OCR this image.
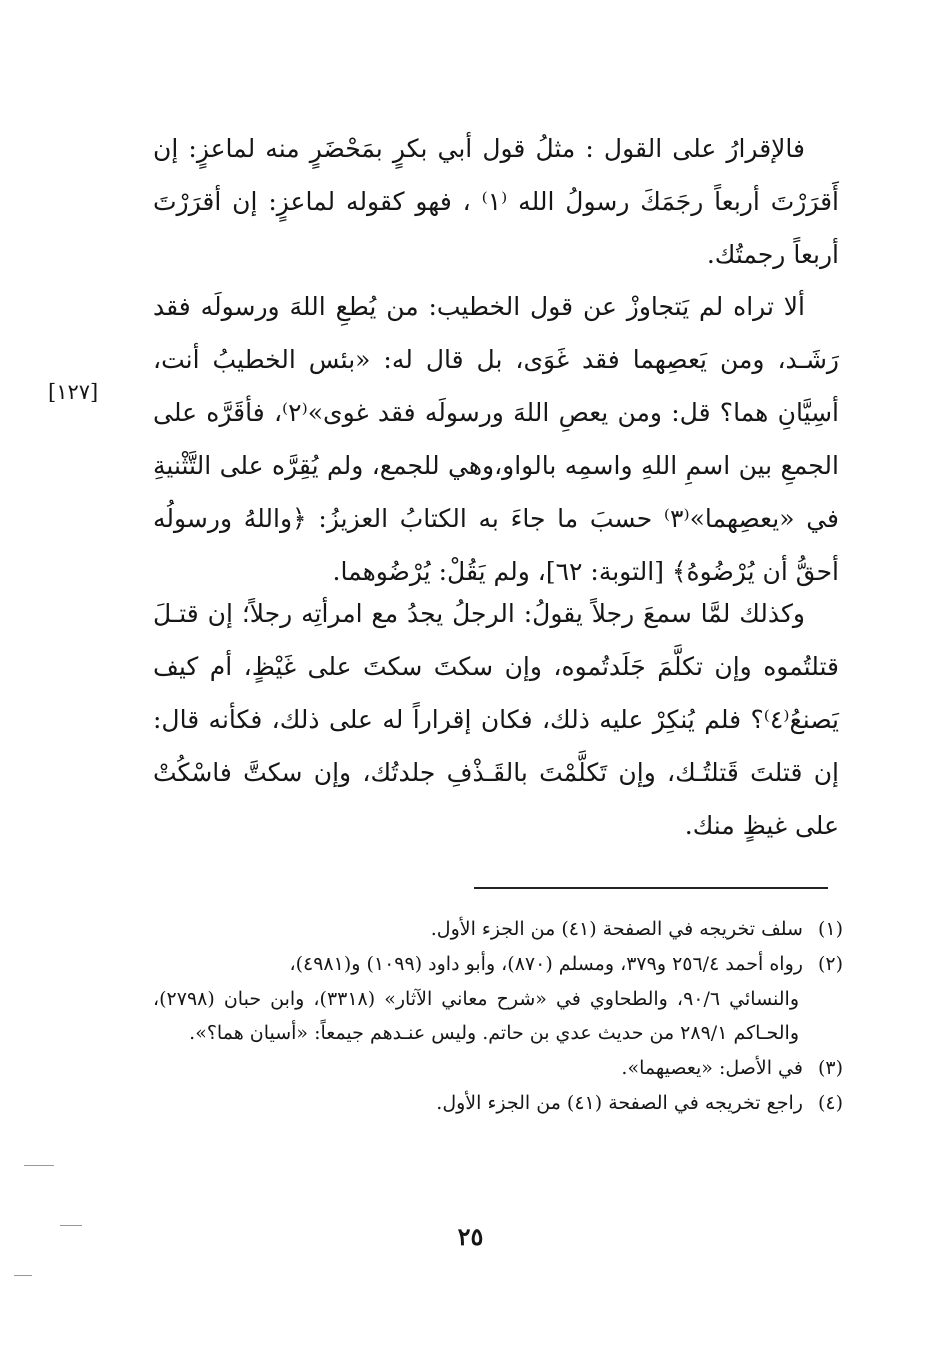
فالإقرارُ على القول : مثلُ قول أبي بكرٍ بمَحْضَرٍ منه لماعزٍ: إن أَقرَرْتَ أربعاً رجَمَكَ رسولُ الله ⁽١⁾ ، فهو كقوله لماعزٍ: إن أقرَرْتَ أربعاً رجمتُك.

ألا تراه لم يَتجاوزْ عن قول الخطيب: من يُطعِ اللهَ ورسولَه فقد رَشَـد، ومن يَعصِهما فقد غَوَى، بل قال له: «بئس الخطيبُ أنت، أسِيَّانِ هما؟ قل: ومن يعصِ اللهَ ورسولَه فقد غوى»⁽٢⁾، فأقَرَّه على الجمعِ بين اسمِ اللهِ واسمِه بالواو،وهي للجمع، ولم يُقِرَّه على التَّثْنيةِ في «يعصِهما»⁽٣⁾ حسبَ ما جاءَ به الكتابُ العزيزُ: ﴿واللهُ ورسولُه أحقُّ أن يُرْضُوهُ﴾ [التوبة: ٦٢]، ولم يَقُلْ: يُرْضُوهما.

وكذلك لمَّا سمعَ رجلاً يقولُ: الرجلُ يجدُ مع امرأتِه رجلاً؛ إن قتـلَ قتلتُموه وإن تكلَّمَ جَلَدتُموه، وإن سكتَ سكتَ على غَيْظٍ، أم كيف يَصنعُ⁽٤⁾؟ فلم يُنكِرْ عليه ذلك، فكان إقراراً له على ذلك، فكأنه قال: إن قتلتَ قَتلتُـك، وإن تَكلَّمْتَ بالقَـذْفِ جلدتُك، وإن سكتَّ فاسْكُتْ على غيظٍ منك.

[١٢٧]

(١) سلف تخريجه في الصفحة (٤١) من الجزء الأول.

(٢) رواه أحمد ٢٥٦/٤ و٣٧٩، ومسلم (٨٧٠)، وأبو داود (١٠٩٩) و(٤٩٨١)،

والنسائي ٩٠/٦، والطحاوي في «شرح معاني الآثار» (٣٣١٨)، وابن حبان (٢٧٩٨)، والحـاكم ٢٨٩/١ من حديث عدي بن حاتم. وليس عنـدهم جيمعاً: «أسيان هما؟».

(٣) في الأصل: «يعصيهما».

(٤) راجع تخريجه في الصفحة (٤١) من الجزء الأول.

٢٥
